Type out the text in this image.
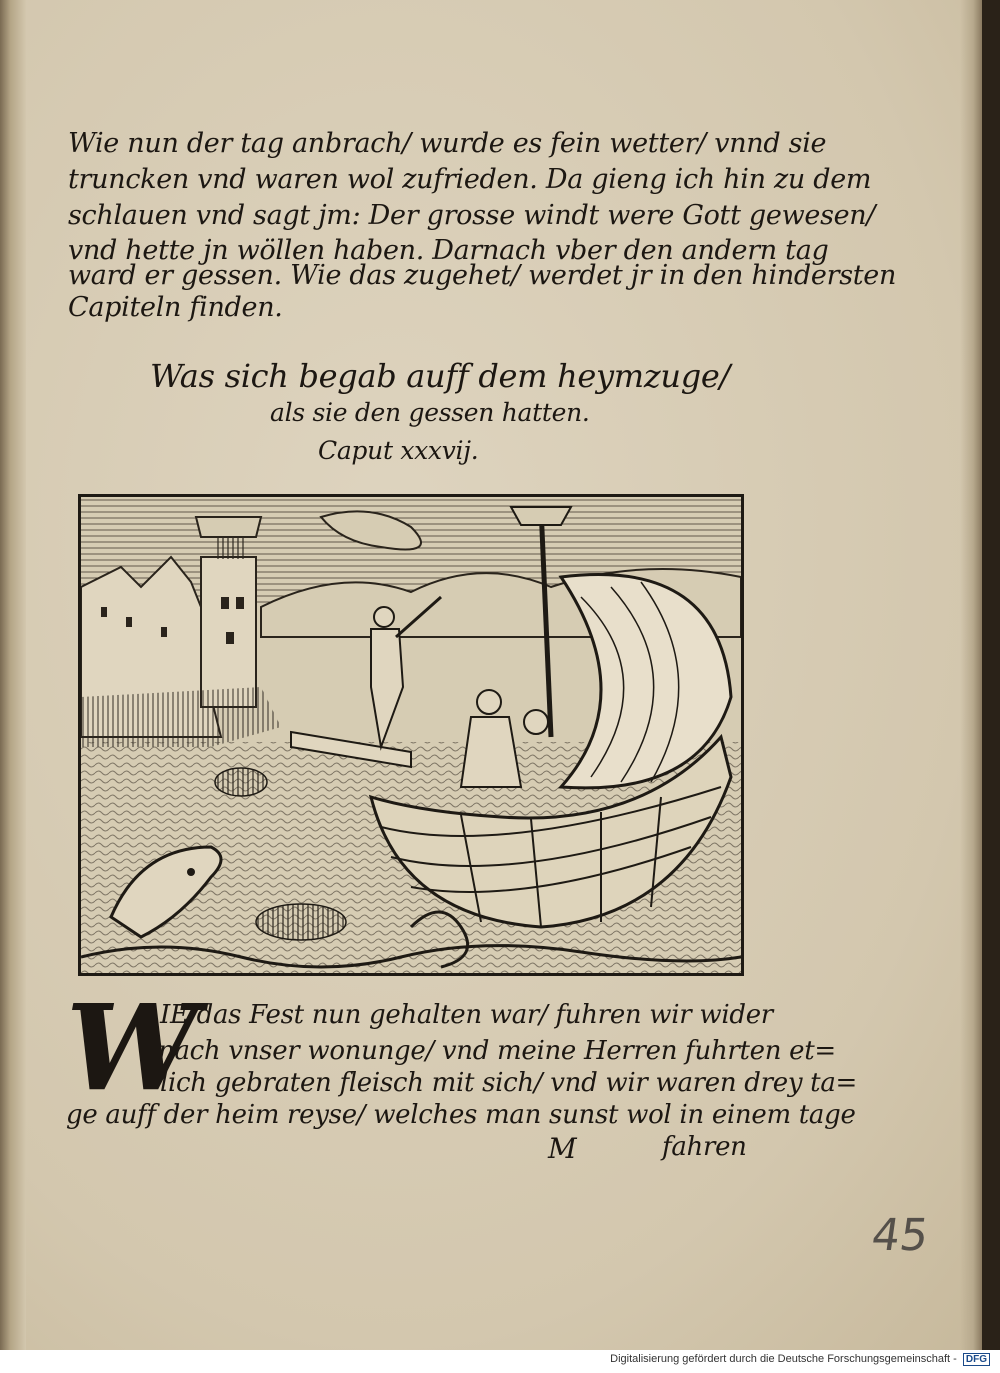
Wie nun der tag anbrach/ wurde es fein wetter/ vnnd sie
truncken vnd waren wol zufrieden. Da gieng ich hin zu dem
schlauen vnd sagt jm: Der grosse windt were Gott gewesen/
vnd hette jn wöllen haben. Darnach vber den andern tag
ward er gessen. Wie das zugehet/ werdet jr in den hindersten
Capiteln finden.
Was sich begab auff dem heymzuge/
als sie den gessen hatten.
Caput xxxvij.
W
IE das Fest nun gehalten war/ fuhren wir wider
nach vnser wonunge/ vnd meine Herren fuhrten et=
lich gebraten fleisch mit sich/ vnd wir waren drey ta=
ge auff der heim reyse/ welches man sunst wol in einem tage
M	fahren
45
Digitalisierung gefördert durch die Deutsche Forschungsgemeinschaft - DFG
